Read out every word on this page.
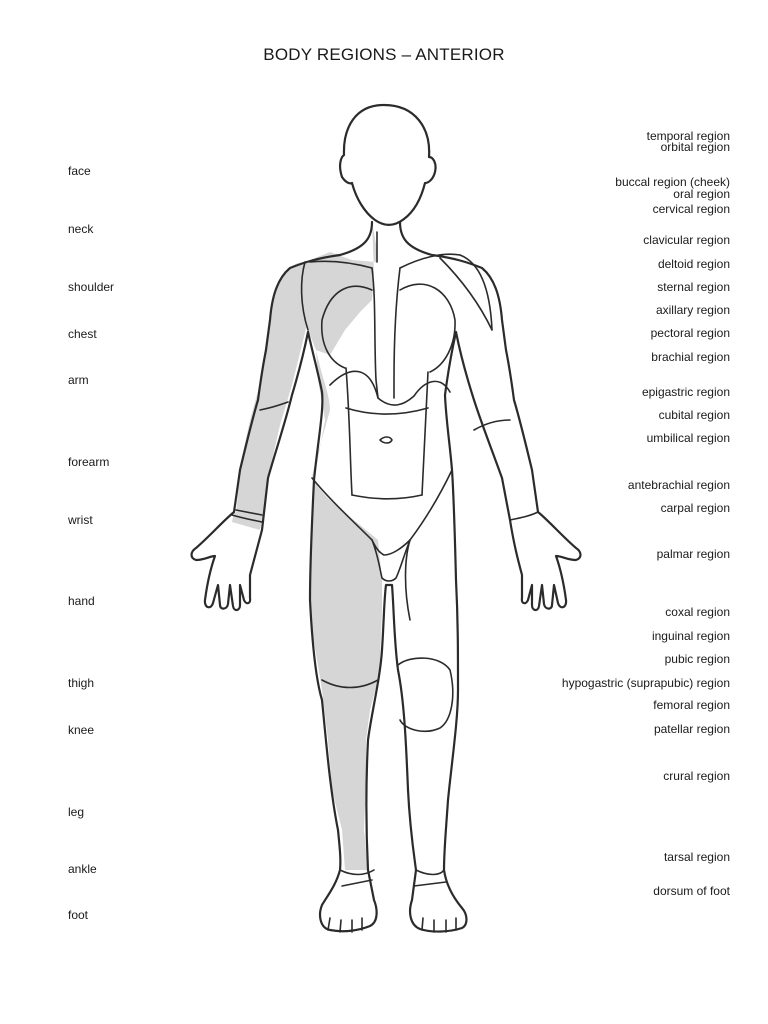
BODY REGIONS – ANTERIOR
face
neck
shoulder
chest
arm
forearm
wrist
hand
thigh
knee
leg
ankle
foot
temporal region
orbital region
buccal region (cheek)
oral region
cervical region
clavicular region
deltoid region
sternal region
axillary region
pectoral region
brachial region
epigastric region
cubital region
umbilical region
antebrachial region
carpal region
palmar region
coxal region
inguinal region
pubic region
hypogastric (suprapubic) region
femoral region
patellar region
crural region
tarsal region
dorsum of foot
